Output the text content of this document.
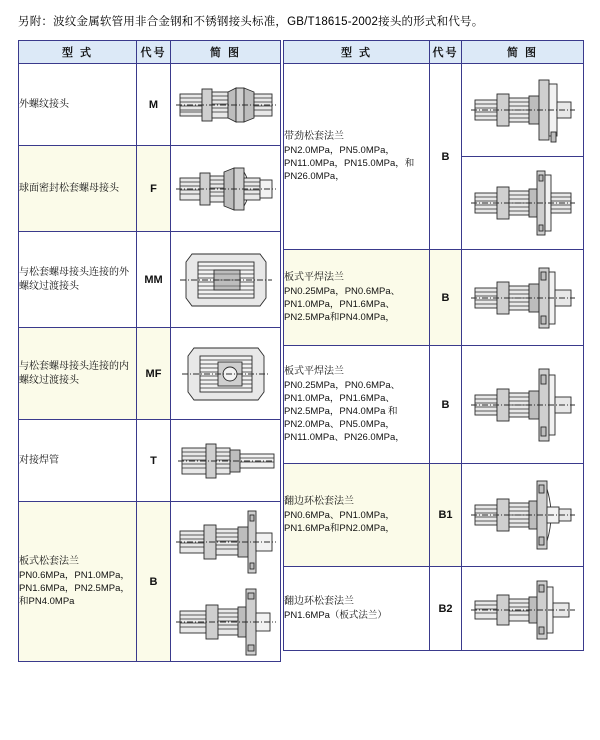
另附：波纹金属软管用非合金钢和不锈钢接头标准，GB/T18615-2002接头的形式和代号。

型 式	代号	简 图

外螺纹接头	M	

球面密封松套螺母接头	F	

与松套螺母接头连接的外螺纹过渡接头	MM	

与松套螺母接头连接的内螺纹过渡接头	MF	

对接焊管	T	

板式松套法兰
PN0.6MPa，PN1.0MPa，PN1.6MPa，PN2.5MPa，和PN4.0MPa	B	
型 式	代号	简 图

带劲松套法兰
PN2.0MPa，PN5.0MPa，PN11.0MPa，PN15.0MPa，和PN26.0MPa，	B	

板式平焊法兰
PN0.25MPa，PN0.6MPa、PN1.0MPa，PN1.6MPa、PN2.5MPa和PN4.0MPa，	B	

板式平焊法兰
PN0.25MPa，PN0.6MPa、PN1.0MPa，PN1.6MPa、PN2.5MPa，PN4.0MPa 和PN2.0MPa、PN5.0MPa，PN11.0MPa、PN26.0MPa，	B	

翻边环松套法兰
PN0.6MPa、PN1.0MPa，PN1.6MPa和PN2.0MPa，	B1	

翻边环松套法兰
PN1.6MPa（板式法兰）	B2	
